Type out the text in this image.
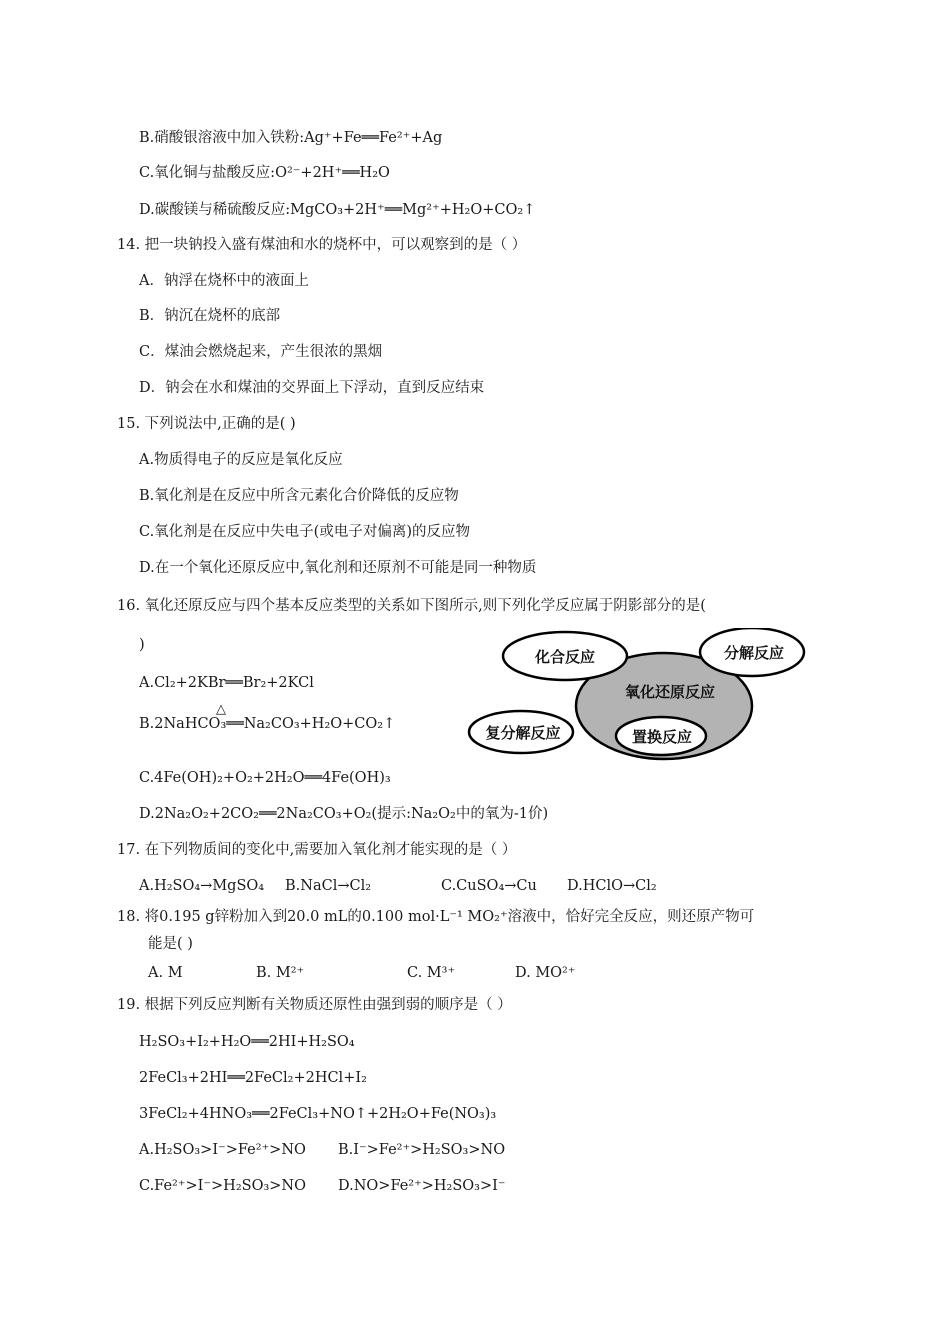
B.硝酸银溶液中加入铁粉:Ag⁺+Fe══Fe²⁺+Ag
C.氧化铜与盐酸反应:O²⁻+2H⁺══H₂O
D.碳酸镁与稀硫酸反应:MgCO₃+2H⁺══Mg²⁺+H₂O+CO₂↑
14. 把一块钠投入盛有煤油和水的烧杯中，可以观察到的是（ ）
A．钠浮在烧杯中的液面上
B．钠沉在烧杯的底部
C．煤油会燃烧起来，产生很浓的黑烟
D．钠会在水和煤油的交界面上下浮动，直到反应结束
15. 下列说法中,正确的是( )
A.物质得电子的反应是氧化反应
B.氧化剂是在反应中所含元素化合价降低的反应物
C.氧化剂是在反应中失电子(或电子对偏离)的反应物
D.在一个氧化还原反应中,氧化剂和还原剂不可能是同一种物质
16. 氧化还原反应与四个基本反应类型的关系如下图所示,则下列化学反应属于阴影部分的是(
)
A.Cl₂+2KBr══Br₂+2KCl
B.2NaHCO₃══Na₂CO₃+H₂O+CO₂↑
△
C.4Fe(OH)₂+O₂+2H₂O══4Fe(OH)₃
D.2Na₂O₂+2CO₂══2Na₂CO₃+O₂(提示:Na₂O₂中的氧为-1价)
化合反应	分解反应
氧化还原反应
复分解反应	置换反应
17. 在下列物质间的变化中,需要加入氧化剂才能实现的是（ ）
A.H₂SO₄→MgSO₄ B.NaCl→Cl₂	C.CuSO₄→Cu D.HClO→Cl₂
18. 将0.195 g锌粉加入到20.0 mL的0.100 mol·L⁻¹ MO₂⁺溶液中，恰好完全反应，则还原产物可
能是( )
A. M	B. M²⁺	C. M³⁺	D. MO²⁺
19. 根据下列反应判断有关物质还原性由强到弱的顺序是（ ）
H₂SO₃+I₂+H₂O══2HI+H₂SO₄
2FeCl₃+2HI══2FeCl₂+2HCl+I₂
3FeCl₂+4HNO₃══2FeCl₃+NO↑+2H₂O+Fe(NO₃)₃
A.H₂SO₃>I⁻>Fe²⁺>NO B.I⁻>Fe²⁺>H₂SO₃>NO
C.Fe²⁺>I⁻>H₂SO₃>NO D.NO>Fe²⁺>H₂SO₃>I⁻
